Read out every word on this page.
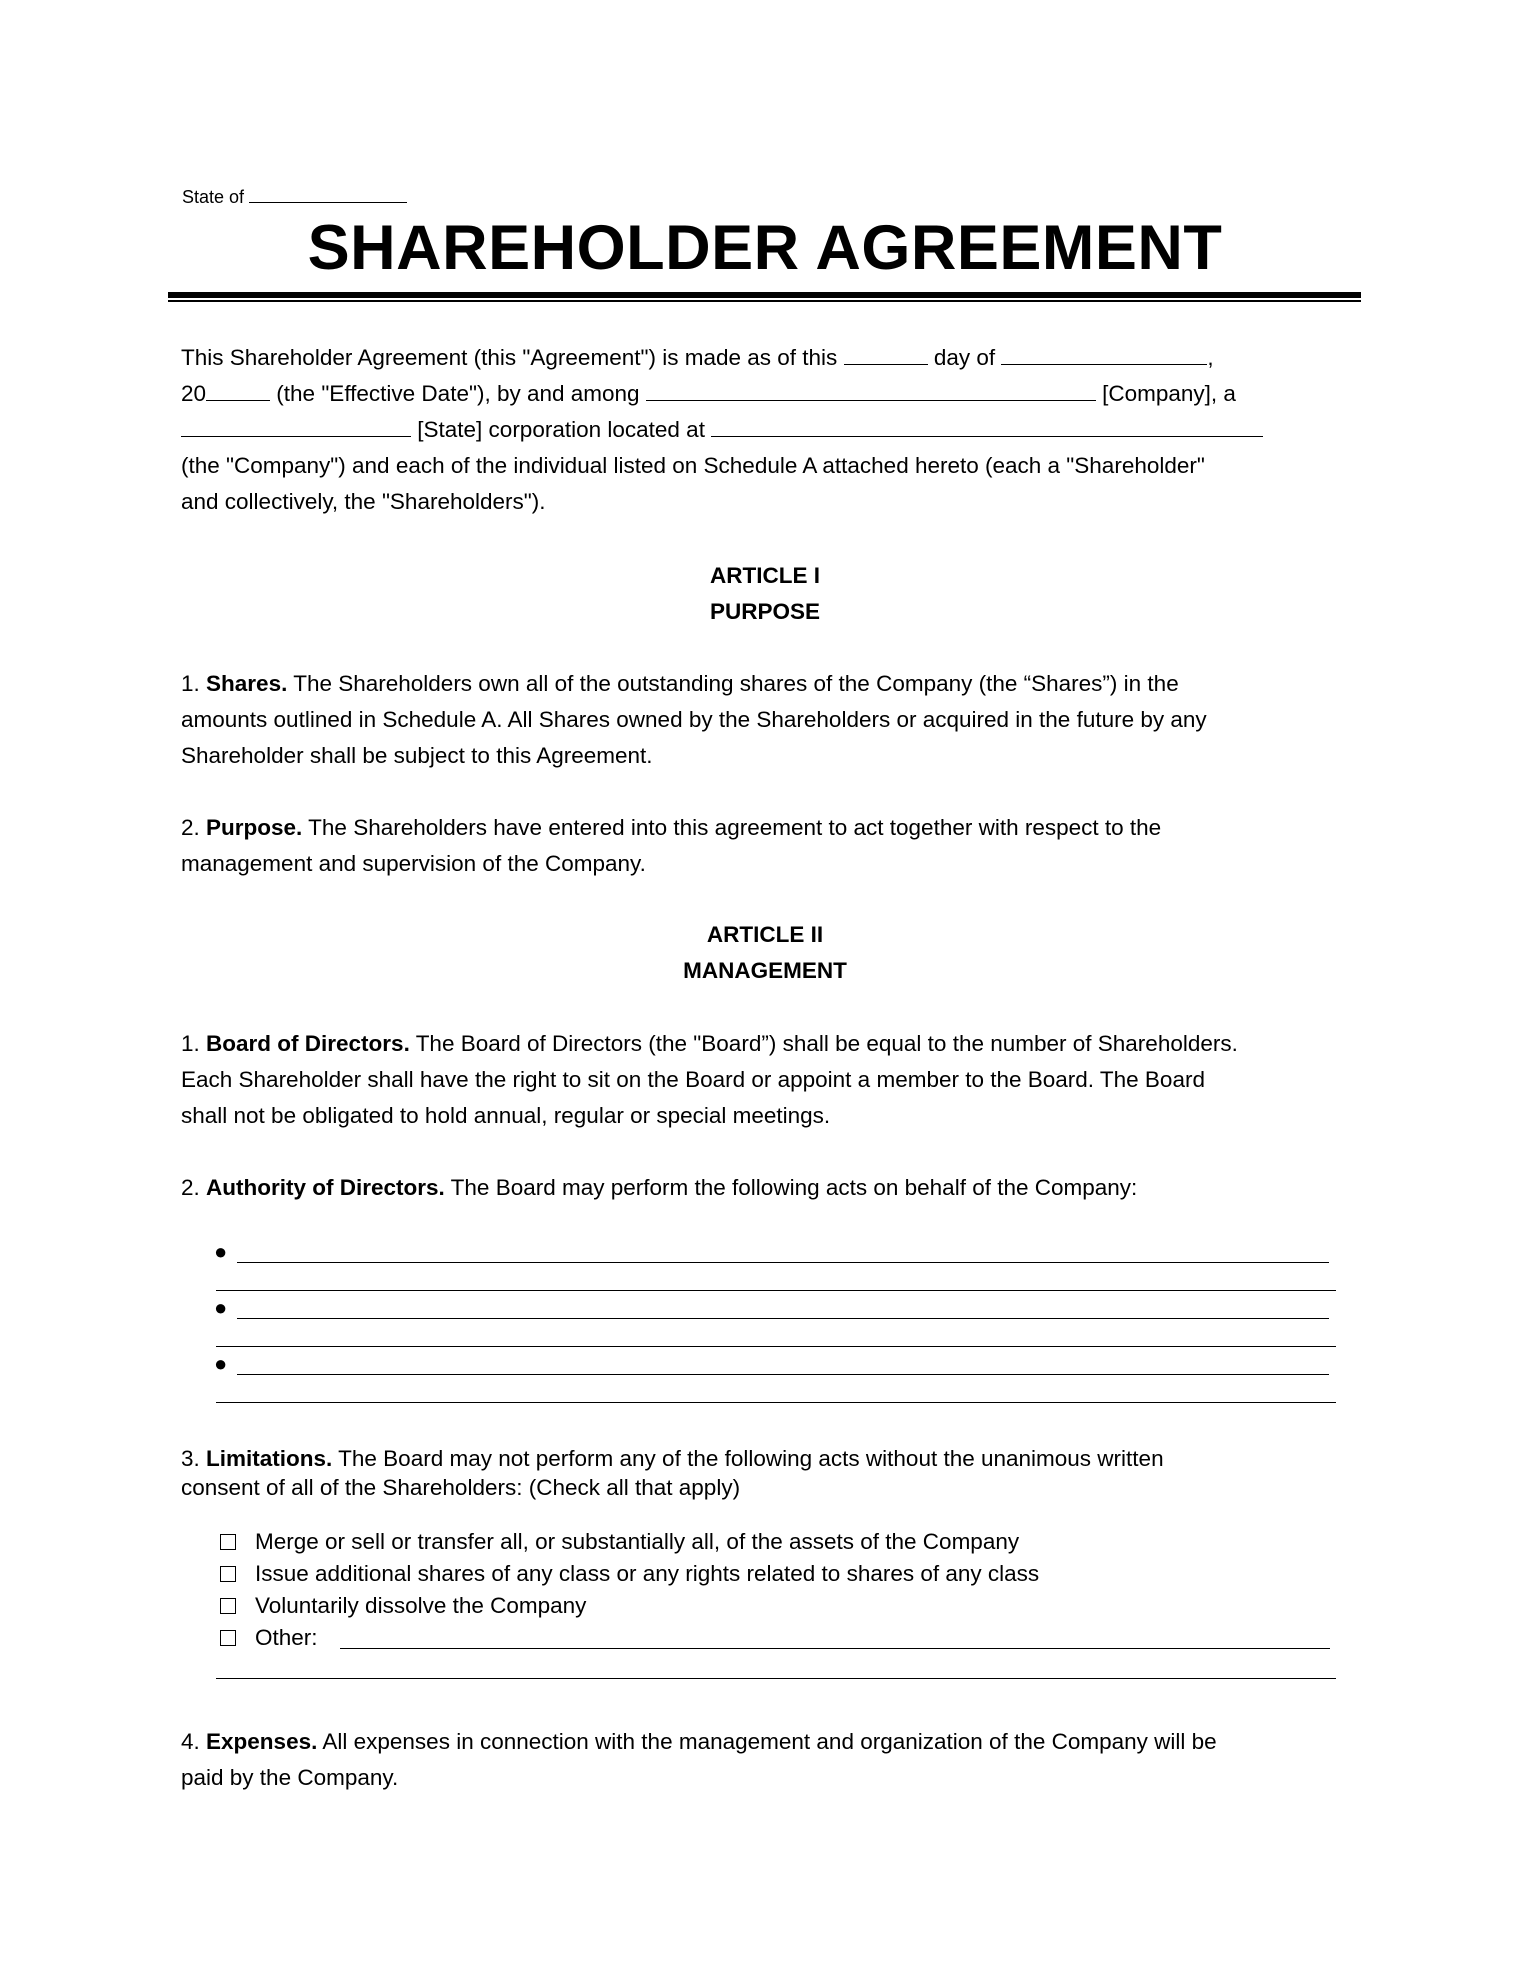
State of
SHAREHOLDER AGREEMENT
This Shareholder Agreement (this "Agreement") is made as of this	day of	,
20	(the "Effective Date"), by and among	[Company], a
[State] corporation located at
(the "Company") and each of the individual listed on Schedule A attached hereto (each a "Shareholder"
and collectively, the "Shareholders").
ARTICLE I
PURPOSE
1. Shares. The Shareholders own all of the outstanding shares of the Company (the “Shares”) in the
amounts outlined in Schedule A. All Shares owned by the Shareholders or acquired in the future by any
Shareholder shall be subject to this Agreement.
2. Purpose. The Shareholders have entered into this agreement to act together with respect to the
management and supervision of the Company.
ARTICLE II
MANAGEMENT
1. Board of Directors. The Board of Directors (the "Board”) shall be equal to the number of Shareholders.
Each Shareholder shall have the right to sit on the Board or appoint a member to the Board. The Board
shall not be obligated to hold annual, regular or special meetings.
2. Authority of Directors. The Board may perform the following acts on behalf of the Company:
●
●
●
3. Limitations. The Board may not perform any of the following acts without the unanimous written
consent of all of the Shareholders: (Check all that apply)
Merge or sell or transfer all, or substantially all, of the assets of the Company
Issue additional shares of any class or any rights related to shares of any class
Voluntarily dissolve the Company
Other:
4. Expenses. All expenses in connection with the management and organization of the Company will be
paid by the Company.
